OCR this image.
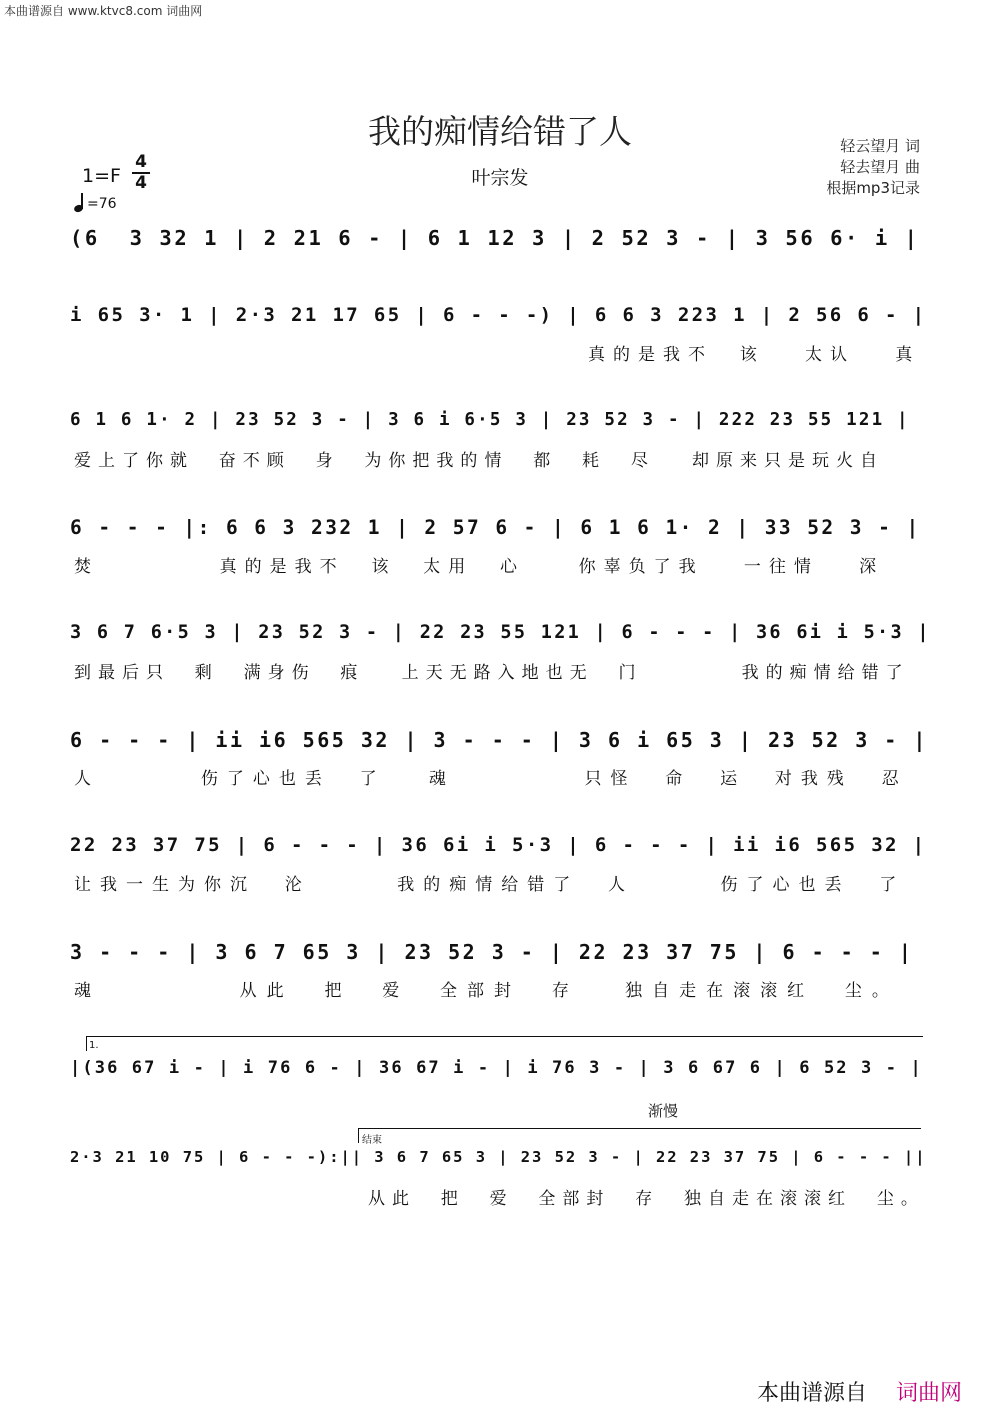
本曲谱源自 www.ktvc8.com 词曲网
我的痴情给错了人
叶宗发
轻云望月 词
轻去望月 曲
根据mp3记录
1=F
4
4
=76
(6  3 32 1 | 2 21 6 - | 6 1 12 3 | 2 52 3 - | 3 56 6· i |
i 65 3· 1 | 2·3 21 17 65 | 6 - - -) | 6 6 3 223 1 | 2 56 6 - |
真的是我不  该   太认   真
6 1 6 1· 2 | 23 52 3 - | 3 6 i 6·5 3 | 23 52 3 - | 222 23 55 121 |
爱上了你就  奋不顾  身  为你把我的情  都  耗  尽   却原来只是玩火自
6 - - - |: 6 6 3 232 1 | 2 57 6 - | 6 1 6 1· 2 | 33 52 3 - |
焚         真的是我不  该  太用  心    你辜负了我   一往情   深
3 6 7 6·5 3 | 23 52 3 - | 22 23 55 121 | 6 - - - | 36 6i i 5·3 |
到最后只  剩  满身伤  痕   上天无路入地也无  门        我的痴情给错了
6 - - - | ii i6 565 32 | 3 - - - | 3 6 i 65 3 | 23 52 3 - |
人       伤了心也丢  了   魂         只怪  命  运  对我残  忍
22 23 37 75 | 6 - - - | 36 6i i 5·3 | 6 - - - | ii i6 565 32 |
让我一生为你沉  沦      我的痴情给错了  人      伤了心也丢  了
3 - - - | 3 6 7 65 3 | 23 52 3 - | 22 23 37 75 | 6 - - - |
魂         从此  把  爱  全部封  存   独自走在滚滚红  尘。
1.
|(36 67 i - | i 76 6 - | 36 67 i - | i 76 3 - | 3 6 67 6 | 6 52 3 - |
渐慢
结束
2·3 21 10 75 | 6 - - -):|| 3 6 7 65 3 | 23 52 3 - | 22 23 37 75 | 6 - - - ||
从此  把  爱  全部封  存  独自走在滚滚红  尘。
本曲谱源自 词曲网
